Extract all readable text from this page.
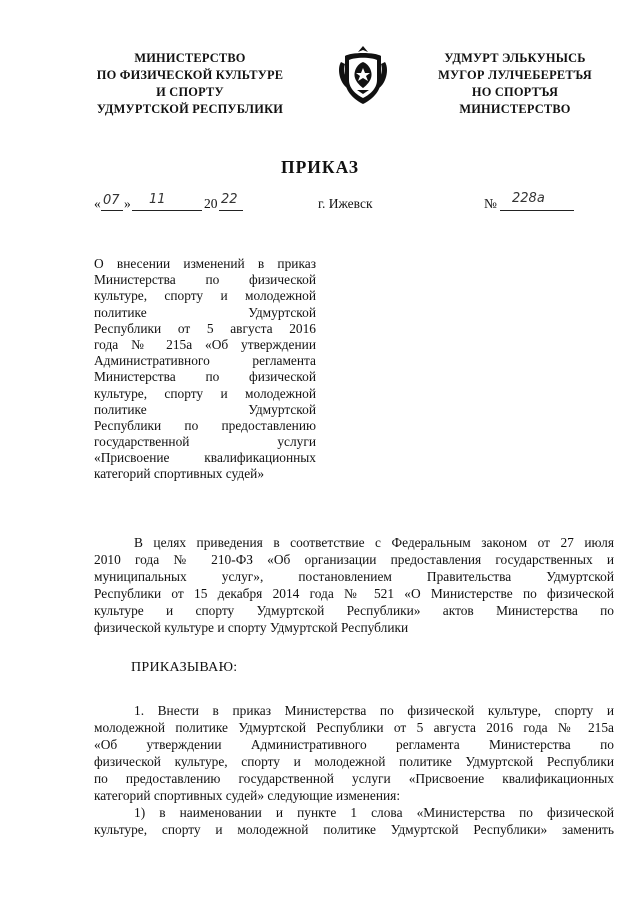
МИНИСТЕРСТВО
ПО ФИЗИЧЕСКОЙ КУЛЬТУРЕ
И СПОРТУ
УДМУРТСКОЙ РЕСПУБЛИКИ
УДМУРТ ЭЛЬКУНЫСЬ
МУГОР ЛУЛЧЕБЕРЕТЪЯ
НО СПОРТЪЯ
МИНИСТЕРСТВО
ПРИКАЗ
« 07 » 11	20 22	г. Ижевск	№ 228а
О внесении изменений в приказ
Министерства по физической
культуре, спорту и молодежной
политике Удмуртской
Республики от 5 августа 2016
года № 215а «Об утверждении
Административного регламента
Министерства по физической
культуре, спорту и молодежной
политике Удмуртской
Республики по предоставлению
государственной услуги
«Присвоение квалификационных
категорий спортивных судей»
В целях приведения в соответствие с Федеральным законом от 27 июля
2010 года № 210-ФЗ «Об организации предоставления государственных и
муниципальных услуг», постановлением Правительства Удмуртской
Республики от 15 декабря 2014 года № 521 «О Министерстве по физической
культуре и спорту Удмуртской Республики» актов Министерства по
физической культуре и спорту Удмуртской Республики
ПРИКАЗЫВАЮ:
1. Внести в приказ Министерства по физической культуре, спорту и
молодежной политике Удмуртской Республики от 5 августа 2016 года № 215а
«Об утверждении Административного регламента Министерства по
физической культуре, спорту и молодежной политике Удмуртской Республики
по предоставлению государственной услуги «Присвоение квалификационных
категорий спортивных судей» следующие изменения:
1) в наименовании и пункте 1 слова «Министерства по физической
культуре, спорту и молодежной политике Удмуртской Республики» заменить
